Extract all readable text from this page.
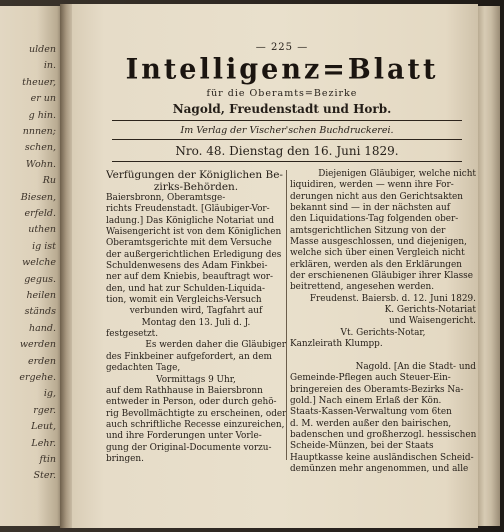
ulden
in.
theuer,
er un
g hin.
nnnen;
schen,
Wohn.
Ru
Biesen,
erfeld.
uthen
ig ist
welche
gegus.
heilen
ständs
hand.
werden
erden
ergehe.
ig,
rger.
Leut,
Lehr.
ftin
Ster.
— 225 —
Intelligenz=Blatt
für die Oberamts=Bezirke
Nagold, Freudenstadt und Horb.
Im Verlag der Vischer'schen Buchdruckerei.
Nro. 48. Dienstag den 16. Juni 1829.
Verfügungen der Königlichen Be-
zirks-Behörden.
Baiersbronn, Oberamtsge-
richts Freudenstadt. [Gläubiger-Vor-
ladung.] Das Königliche Notariat und
Waisengericht ist von dem Königlichen
Oberamtsgerichte mit dem Versuche
der außergerichtlichen Erledigung des
Schuldenwesens des Adam Finkbei-
ner auf dem Kniebis, beauftragt wor-
den, und hat zur Schulden-Liquida-
tion, womit ein Vergleichs-Versuch
verbunden wird, Tagfahrt auf
Montag den 13. Juli d. J.
festgesetzt.
Es werden daher die Gläubiger
des Finkbeiner aufgefordert, an dem
gedachten Tage,
Vormittags 9 Uhr,
auf dem Rathhause in Baiersbronn
entweder in Person, oder durch gehö-
rig Bevollmächtigte zu erscheinen, oder
auch schriftliche Recesse einzureichen,
und ihre Forderungen unter Vorle-
gung der Original-Documente vorzu-
bringen.
Diejenigen Gläubiger, welche nicht
liquidiren, werden — wenn ihre For-
derungen nicht aus den Gerichtsakten
bekannt sind — in der nächsten auf
den Liquidations-Tag folgenden ober-
amtsgerichtlichen Sitzung von der
Masse ausgeschlossen, und diejenigen,
welche sich über einen Vergleich nicht
erklären, werden als den Erklärungen
der erschienenen Gläubiger ihrer Klasse
beitrettend, angesehen werden.
Freudenst. Baiersb. d. 12. Juni 1829.
K. Gerichts-Notariat
und Waisengericht.
Vt. Gerichts-Notar,
Kanzleirath Klumpp.

Nagold. [An die Stadt- und
Gemeinde-Pflegen auch Steuer-Ein-
bringereien des Oberamts-Bezirks Na-
gold.] Nach einem Erlaß der Kön.
Staats-Kassen-Verwaltung vom 6ten
d. M. werden außer den bairischen,
badenschen und großherzogl. hessischen
Scheide-Münzen, bei der Staats
Hauptkasse keine ausländischen Scheid-
demünzen mehr angenommen, und alle
